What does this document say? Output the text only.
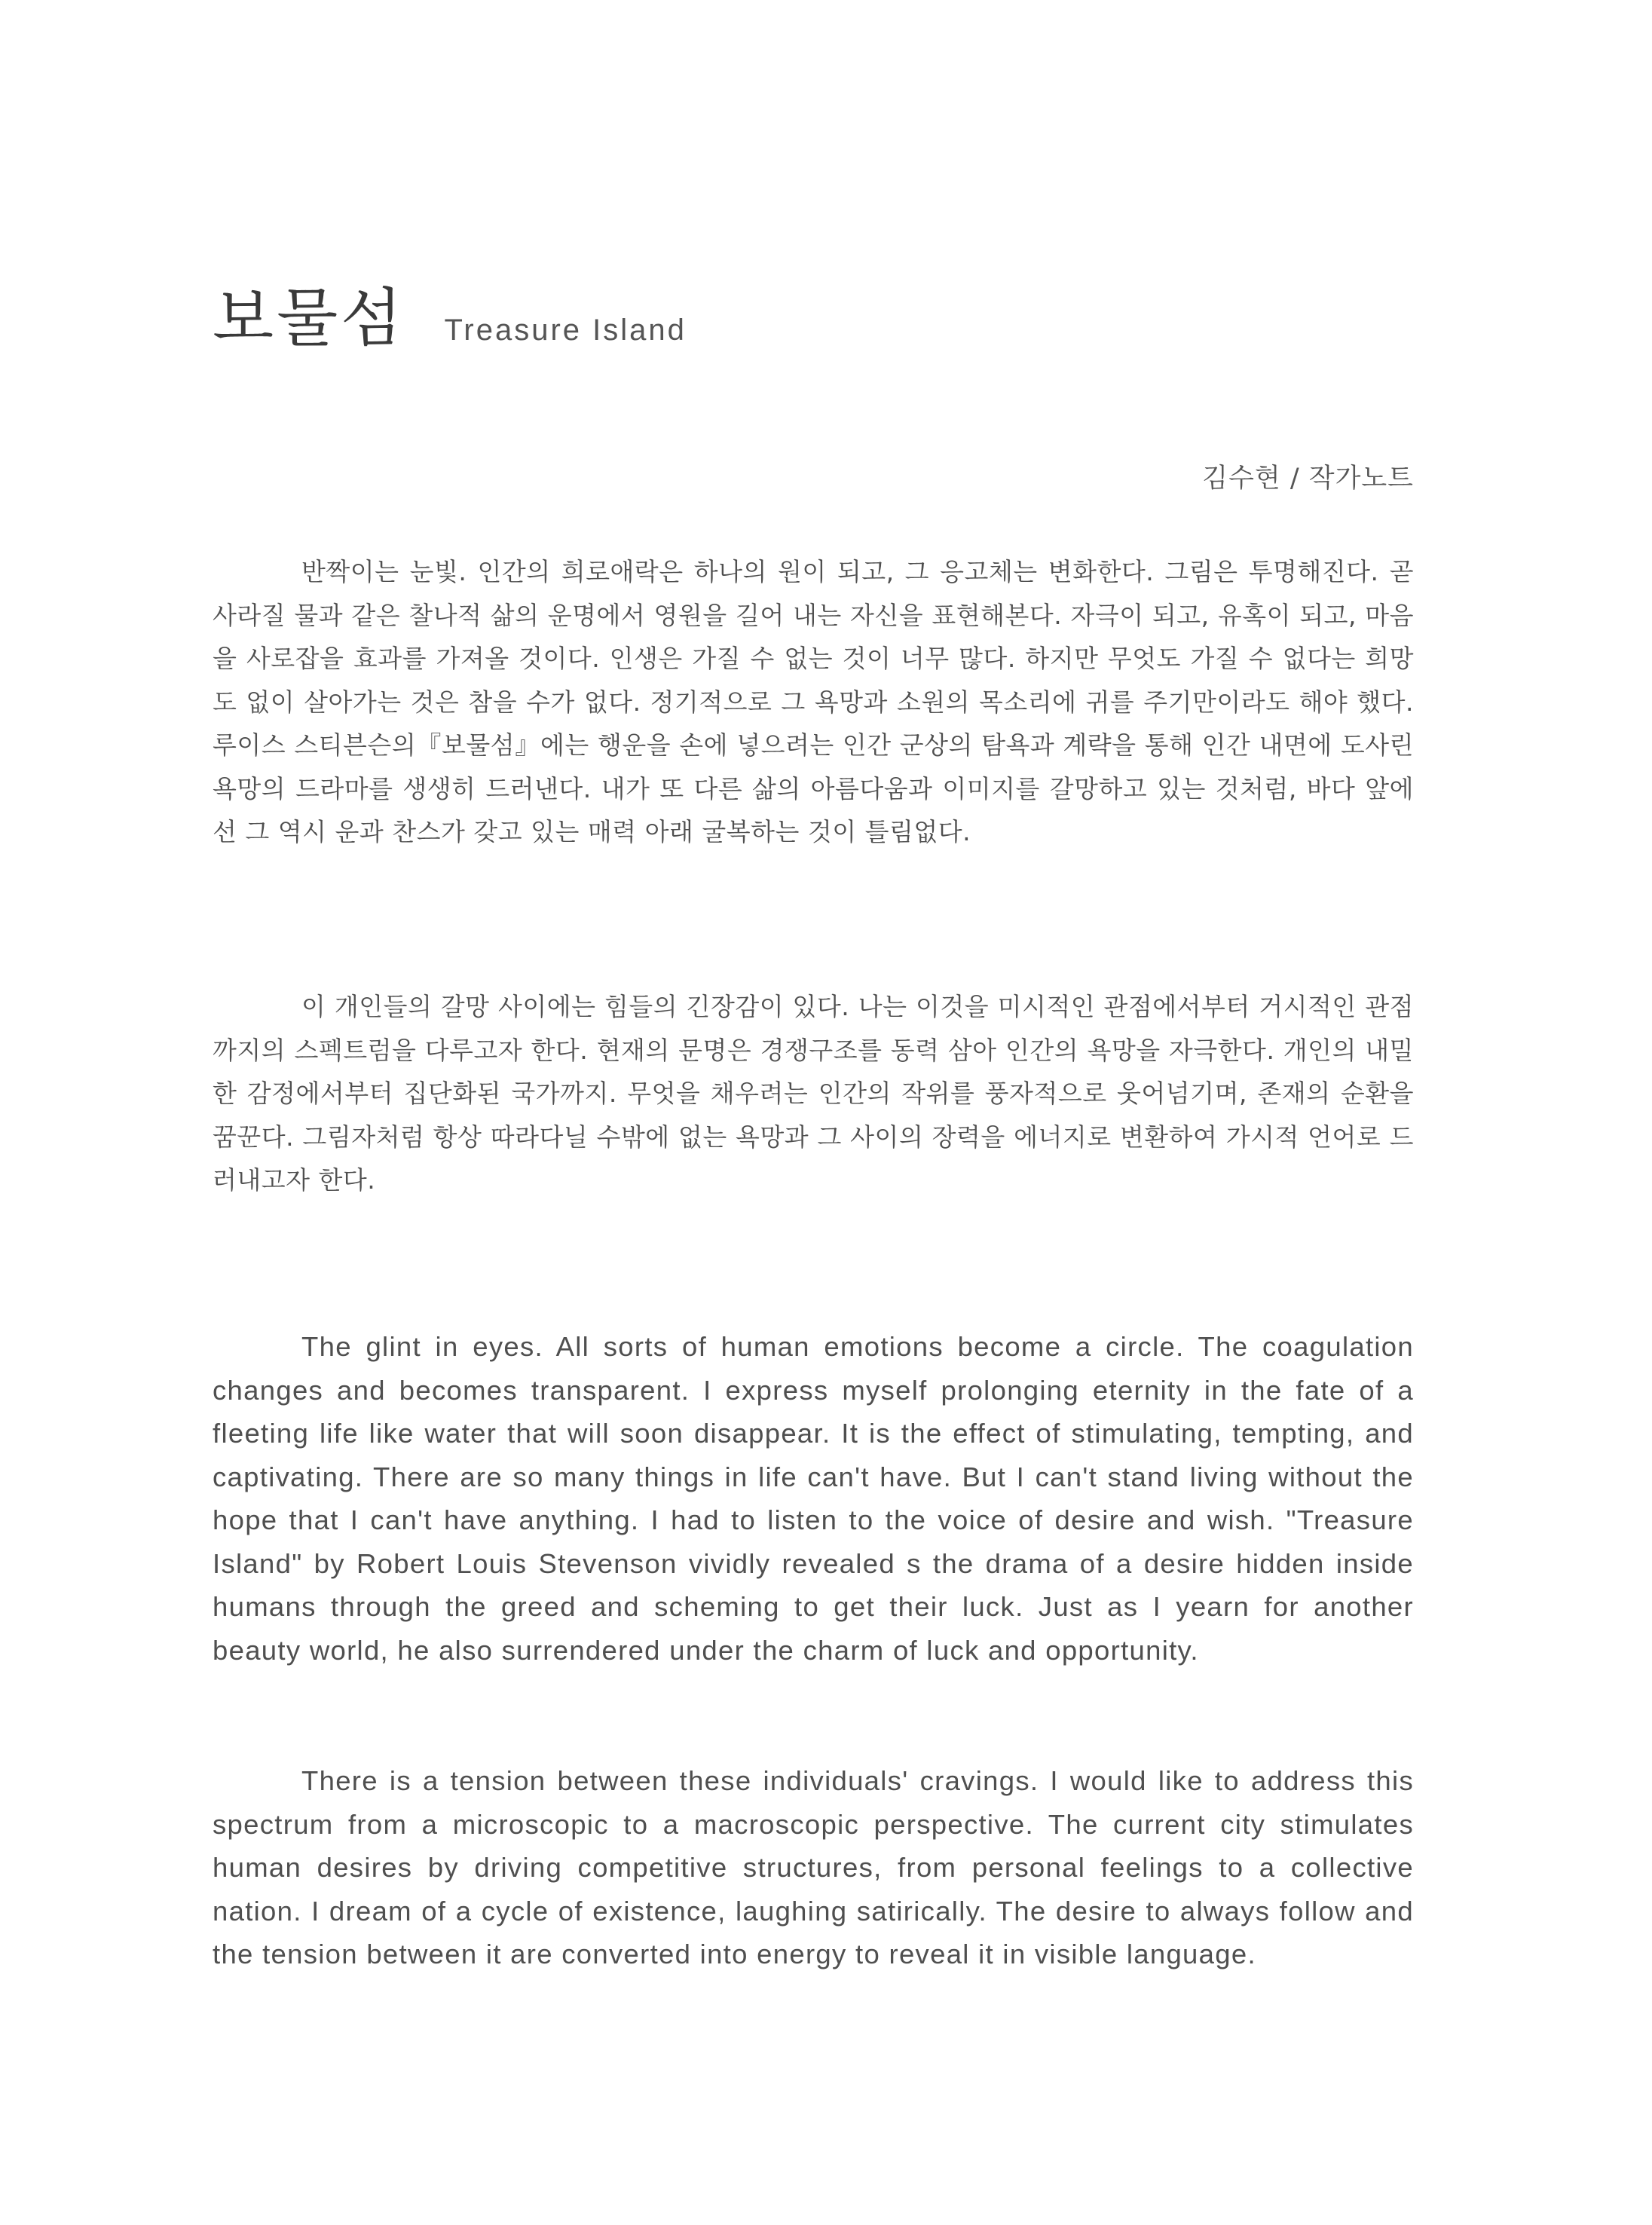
보물섬 Treasure Island
김수현 / 작가노트

반짝이는 눈빛. 인간의 희로애락은 하나의 원이 되고, 그 응고체는 변화한다. 그림은 투명해진다. 곧 사라질 물과 같은 찰나적 삶의 운명에서 영원을 길어 내는 자신을 표현해본다. 자극이 되고, 유혹이 되고, 마음을 사로잡을 효과를 가져올 것이다. 인생은 가질 수 없는 것이 너무 많다. 하지만 무엇도 가질 수 없다는 희망도 없이 살아가는 것은 참을 수가 없다. 정기적으로 그 욕망과 소원의 목소리에 귀를 주기만이라도 해야 했다. 루이스 스티븐슨의『보물섬』에는 행운을 손에 넣으려는 인간 군상의 탐욕과 계략을 통해 인간 내면에 도사린 욕망의 드라마를 생생히 드러낸다. 내가 또 다른 삶의 아름다움과 이미지를 갈망하고 있는 것처럼, 바다 앞에 선 그 역시 운과 찬스가 갖고 있는 매력 아래 굴복하는 것이 틀림없다.

이 개인들의 갈망 사이에는 힘들의 긴장감이 있다. 나는 이것을 미시적인 관점에서부터 거시적인 관점까지의 스펙트럼을 다루고자 한다. 현재의 문명은 경쟁구조를 동력 삼아 인간의 욕망을 자극한다. 개인의 내밀한 감정에서부터 집단화된 국가까지. 무엇을 채우려는 인간의 작위를 풍자적으로 웃어넘기며, 존재의 순환을 꿈꾼다. 그림자처럼 항상 따라다닐 수밖에 없는 욕망과 그 사이의 장력을 에너지로 변환하여 가시적 언어로 드러내고자 한다.

The glint in eyes. All sorts of human emotions become a circle. The coagulation changes and becomes transparent. I express myself prolonging eternity in the fate of a fleeting life like water that will soon disappear. It is the effect of stimulating, tempting, and captivating. There are so many things in life can't have. But I can't stand living without the hope that I can't have anything. I had to listen to the voice of desire and wish. "Treasure Island" by Robert Louis Stevenson vividly revealed s the drama of a desire hidden inside humans through the greed and scheming to get their luck. Just as I yearn for another beauty world, he also surrendered under the charm of luck and opportunity.

There is a tension between these individuals' cravings. I would like to address this spectrum from a microscopic to a macroscopic perspective. The current city stimulates human desires by driving competitive structures, from personal feelings to a collective nation. I dream of a cycle of existence, laughing satirically. The desire to always follow and the tension between it are converted into energy to reveal it in visible language.
